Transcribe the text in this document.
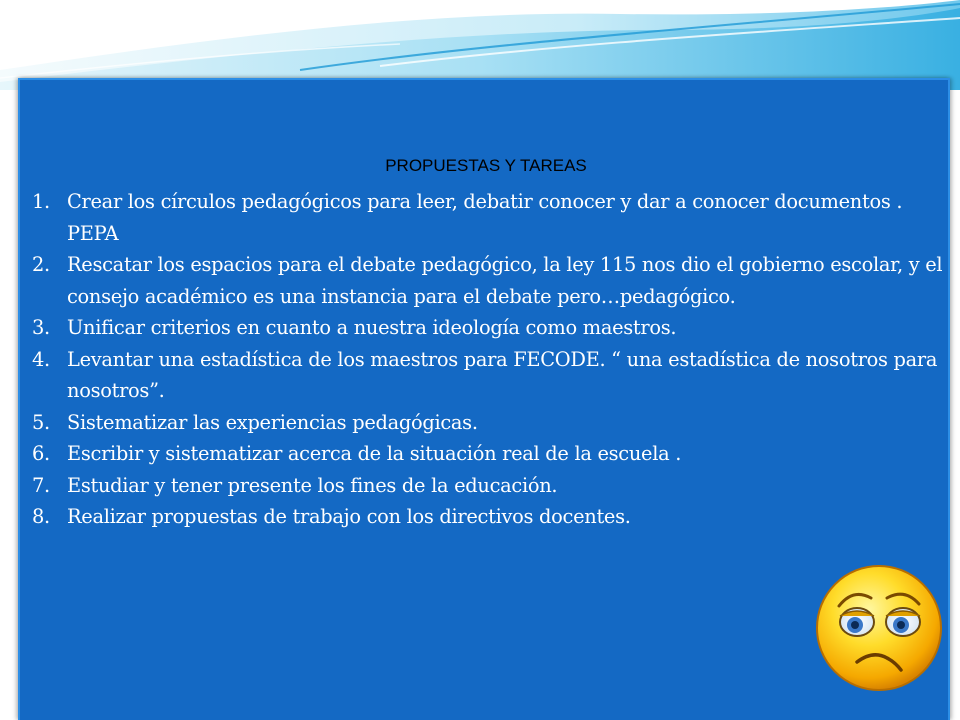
PROPUESTAS Y TAREAS

1. Crear los círculos pedagógicos para leer, debatir conocer y dar a conocer documentos . PEPA
2. Rescatar los espacios para el debate pedagógico, la ley 115 nos dio el gobierno escolar, y el consejo académico es una instancia para el debate pero…pedagógico.
3. Unificar criterios en cuanto a nuestra ideología como maestros.
4. Levantar una estadística de los maestros para FECODE. “ una estadística de nosotros para nosotros”.
5. Sistematizar las experiencias pedagógicas.
6. Escribir y sistematizar acerca de la situación real de la escuela .
7. Estudiar y tener presente los fines de la educación.
8. Realizar propuestas de trabajo con los directivos docentes.
